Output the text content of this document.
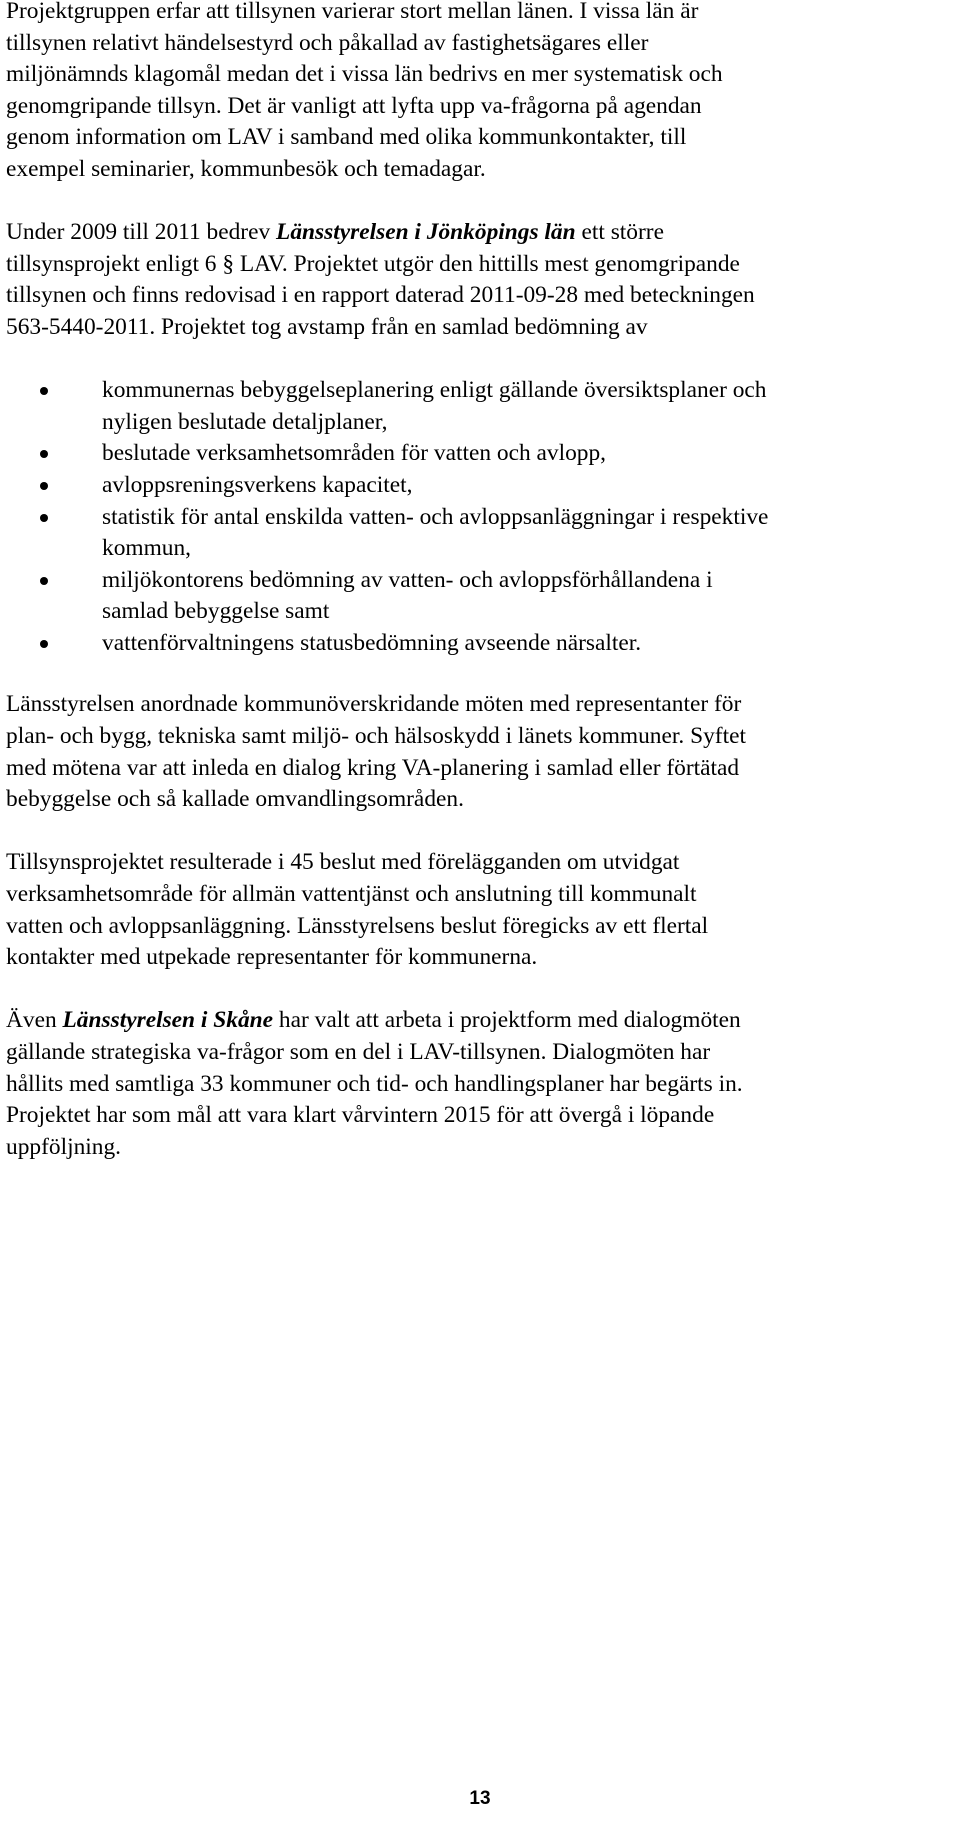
Projektgruppen erfar att tillsynen varierar stort mellan länen. I vissa län är
tillsynen relativt händelsestyrd och påkallad av fastighetsägares eller
miljönämnds klagomål medan det i vissa län bedrivs en mer systematisk och
genomgripande tillsyn. Det är vanligt att lyfta upp va-frågorna på agendan
genom information om LAV i samband med olika kommunkontakter, till
exempel seminarier, kommunbesök och temadagar.

Under 2009 till 2011 bedrev Länsstyrelsen i Jönköpings län ett större
tillsynsprojekt enligt 6 § LAV. Projektet utgör den hittills mest genomgripande
tillsynen och finns redovisad i en rapport daterad 2011-09-28 med beteckningen
563-5440-2011. Projektet tog avstamp från en samlad bedömning av

kommunernas bebyggelseplanering enligt gällande översiktsplaner och
nyligen beslutade detaljplaner,
beslutade verksamhetsområden för vatten och avlopp,
avloppsreningsverkens kapacitet,
statistik för antal enskilda vatten- och avloppsanläggningar i respektive
kommun,
miljökontorens bedömning av vatten- och avloppsförhållandena i
samlad bebyggelse samt
vattenförvaltningens statusbedömning avseende närsalter.

Länsstyrelsen anordnade kommunöverskridande möten med representanter för
plan- och bygg, tekniska samt miljö- och hälsoskydd i länets kommuner. Syftet
med mötena var att inleda en dialog kring VA-planering i samlad eller förtätad
bebyggelse och så kallade omvandlingsområden.

Tillsynsprojektet resulterade i 45 beslut med förelägganden om utvidgat
verksamhetsområde för allmän vattentjänst och anslutning till kommunalt
vatten och avloppsanläggning. Länsstyrelsens beslut föregicks av ett flertal
kontakter med utpekade representanter för kommunerna.

Även Länsstyrelsen i Skåne har valt att arbeta i projektform med dialogmöten
gällande strategiska va-frågor som en del i LAV-tillsynen. Dialogmöten har
hållits med samtliga 33 kommuner och tid- och handlingsplaner har begärts in.
Projektet har som mål att vara klart vårvintern 2015 för att övergå i löpande
uppföljning.

13
